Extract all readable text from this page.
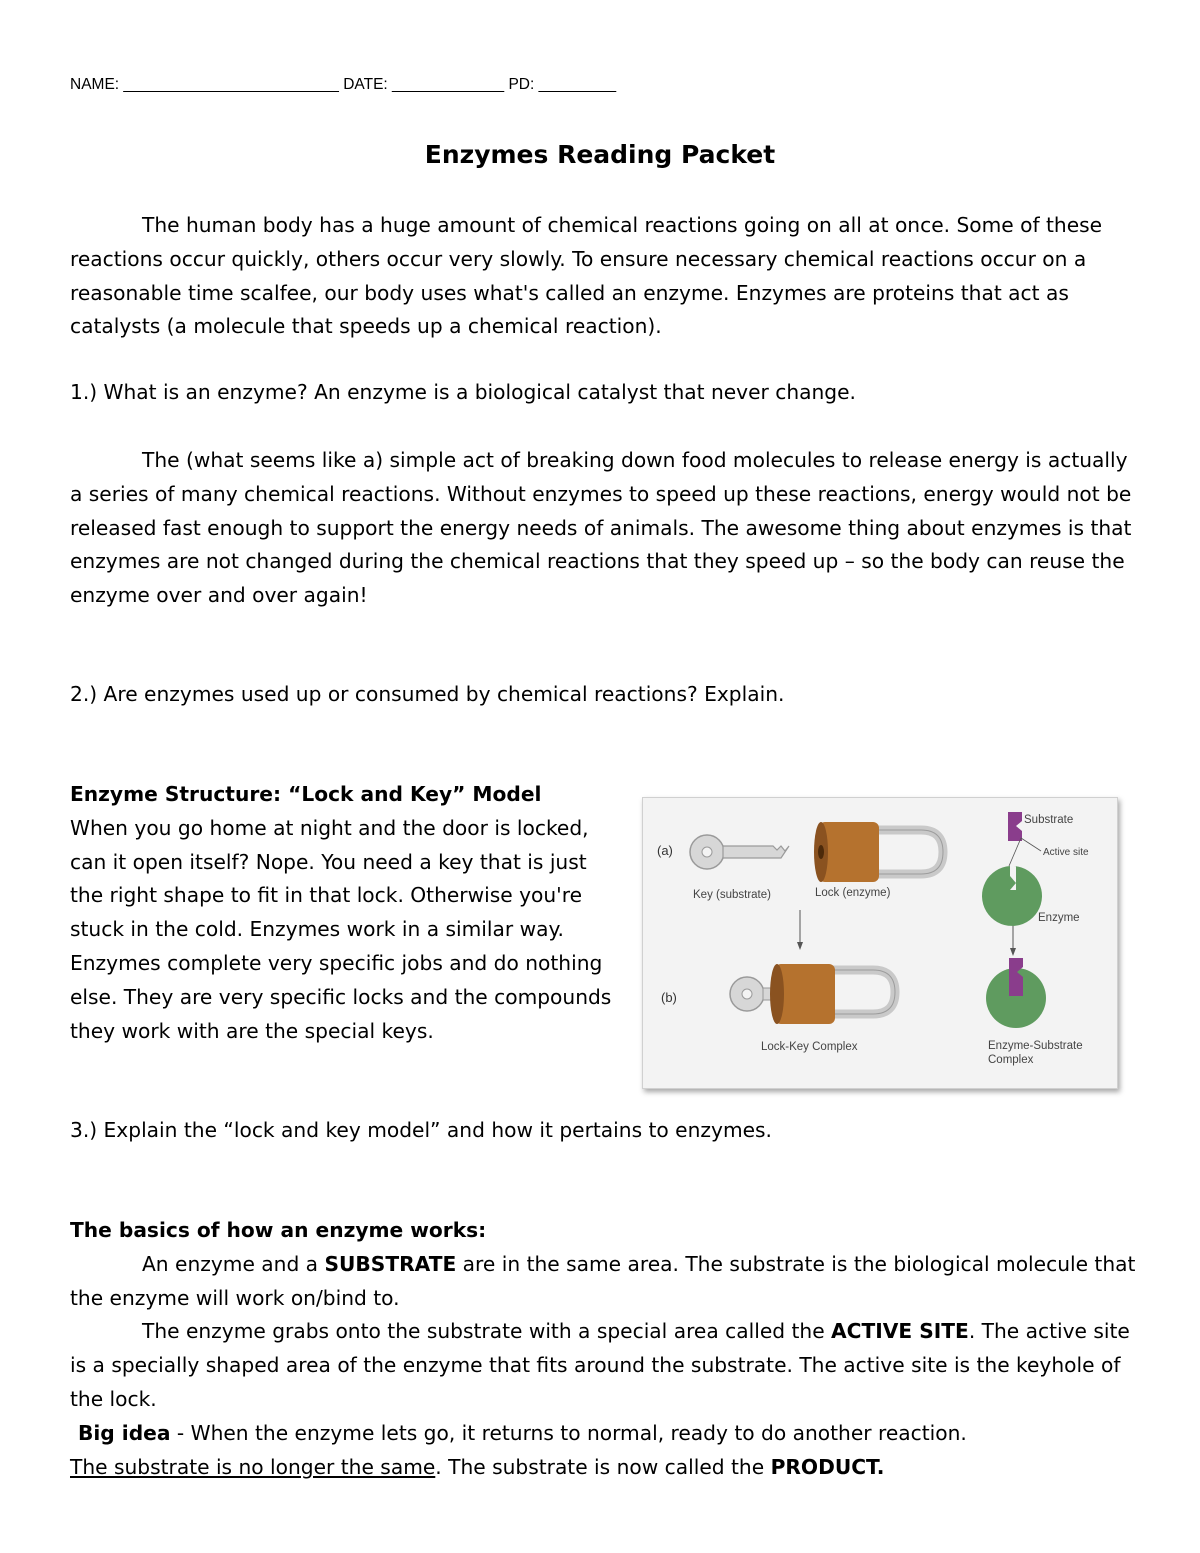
NAME: _________________________ DATE: _____________ PD: _________
Enzymes Reading Packet

The human body has a huge amount of chemical reactions going on all at once. Some of these reactions occur quickly, others occur very slowly. To ensure necessary chemical reactions occur on a reasonable time scalfee, our body uses what's called an enzyme. Enzymes are proteins that act as catalysts (a molecule that speeds up a chemical reaction).

1.) What is an enzyme? An enzyme is a biological catalyst that never change.

The (what seems like a) simple act of breaking down food molecules to release energy is actually a series of many chemical reactions. Without enzymes to speed up these reactions, energy would not be released fast enough to support the energy needs of animals. The awesome thing about enzymes is that enzymes are not changed during the chemical reactions that they speed up – so the body can reuse the enzyme over and over again!

2.) Are enzymes used up or consumed by chemical reactions? Explain.

Enzyme Structure: “Lock and Key” Model
When you go home at night and the door is locked, can it open itself? Nope. You need a key that is just the right shape to fit in that lock. Otherwise you're stuck in the cold. Enzymes work in a similar way. Enzymes complete very specific jobs and do nothing else. They are very specific locks and the compounds they work with are the special keys.
(a)
(b)
Key (substrate)	Lock (enzyme)
Substrate
Active site
Enzyme
Lock-Key Complex	Enzyme-Substrate
Complex

3.) Explain the “lock and key model” and how it pertains to enzymes.

The basics of how an enzyme works:

An enzyme and a SUBSTRATE are in the same area. The substrate is the biological molecule that the enzyme will work on/bind to.

The enzyme grabs onto the substrate with a special area called the ACTIVE SITE. The active site is a specially shaped area of the enzyme that fits around the substrate. The active site is the keyhole of the lock.

Big idea - When the enzyme lets go, it returns to normal, ready to do another reaction.

The substrate is no longer the same. The substrate is now called the PRODUCT.
